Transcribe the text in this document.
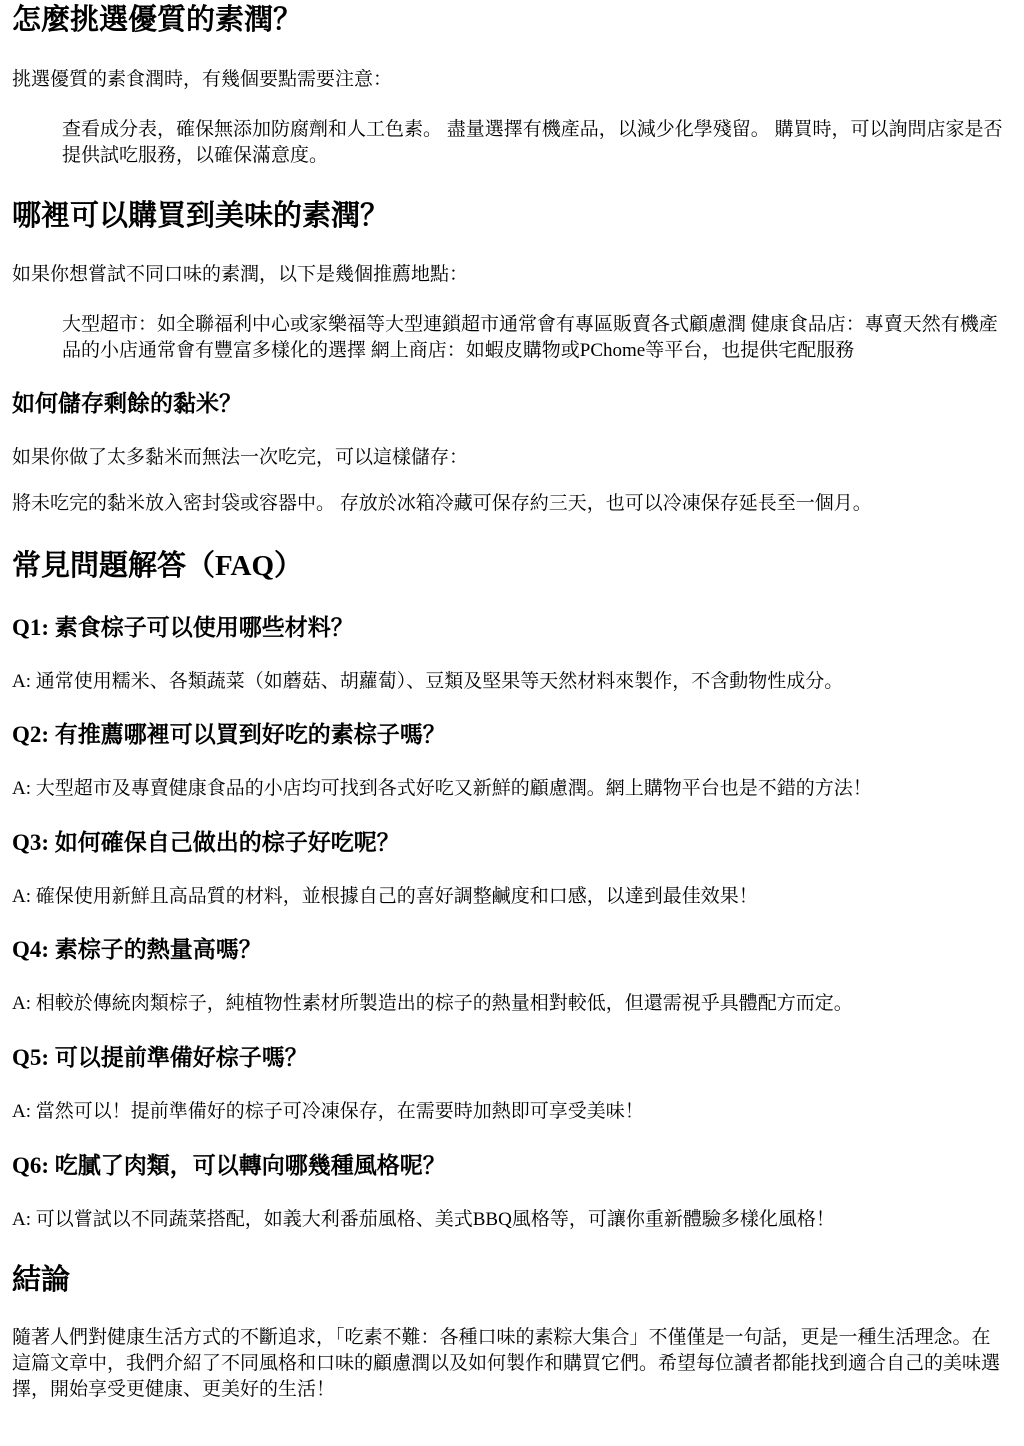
怎麼挑選優質的素潤？

挑選優質的素食潤時，有幾個要點需要注意：

查看成分表，確保無添加防腐劑和人工色素。 盡量選擇有機產品，以減少化學殘留。 購買時，可以詢問店家是否提供試吃服務，以確保滿意度。

哪裡可以購買到美味的素潤？

如果你想嘗試不同口味的素潤，以下是幾個推薦地點：

大型超市：如全聯福利中心或家樂福等大型連鎖超市通常會有專區販賣各式顧慮潤 健康食品店：專賣天然有機產品的小店通常會有豐富多樣化的選擇 網上商店：如蝦皮購物或PChome等平台，也提供宅配服務

如何儲存剩餘的黏米？

如果你做了太多黏米而無法一次吃完，可以這樣儲存：

將未吃完的黏米放入密封袋或容器中。 存放於冰箱冷藏可保存約三天，也可以冷凍保存延長至一個月。

常見問題解答（FAQ）
Q1: 素食棕子可以使用哪些材料？

A: 通常使用糯米、各類蔬菜（如蘑菇、胡蘿蔔）、豆類及堅果等天然材料來製作，不含動物性成分。

Q2: 有推薦哪裡可以買到好吃的素棕子嗎？

A: 大型超市及專賣健康食品的小店均可找到各式好吃又新鮮的顧慮潤。網上購物平台也是不錯的方法！

Q3: 如何確保自己做出的棕子好吃呢？

A: 確保使用新鮮且高品質的材料，並根據自己的喜好調整鹹度和口感，以達到最佳效果！

Q4: 素棕子的熱量高嗎？

A: 相較於傳統肉類棕子，純植物性素材所製造出的棕子的熱量相對較低，但還需視乎具體配方而定。

Q5: 可以提前準備好棕子嗎？

A: 當然可以！提前準備好的棕子可冷凍保存，在需要時加熱即可享受美味！

Q6: 吃膩了肉類，可以轉向哪幾種風格呢？

A: 可以嘗試以不同蔬菜搭配，如義大利番茄風格、美式BBQ風格等，可讓你重新體驗多樣化風格！

結論

隨著人們對健康生活方式的不斷追求，「吃素不難：各種口味的素粽大集合」不僅僅是一句話，更是一種生活理念。在這篇文章中，我們介紹了不同風格和口味的顧慮潤以及如何製作和購買它們。希望每位讀者都能找到適合自己的美味選擇，開始享受更健康、更美好的生活！
